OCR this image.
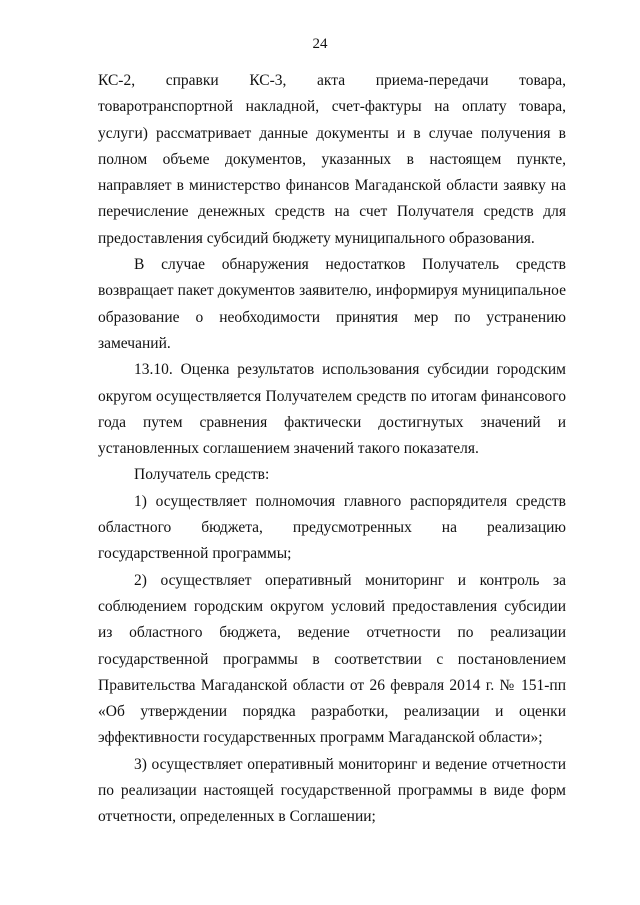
24

КС-2, справки КС-3, акта приема-передачи товара, товаротранспортной накладной, счет-фактуры на оплату товара, услуги) рассматривает данные документы и в случае получения в полном объеме документов, указанных в настоящем пункте, направляет в министерство финансов Магаданской области заявку на перечисление денежных средств на счет Получателя средств для предоставления субсидий бюджету муниципального образования.

В случае обнаружения недостатков Получатель средств возвращает пакет документов заявителю, информируя муниципальное образование о необходимости принятия мер по устранению замечаний.

13.10. Оценка результатов использования субсидии городским округом осуществляется Получателем средств по итогам финансового года путем сравнения фактически достигнутых значений и установленных соглашением значений такого показателя.

Получатель средств:

1) осуществляет полномочия главного распорядителя средств областного бюджета, предусмотренных на реализацию государственной программы;

2) осуществляет оперативный мониторинг и контроль за соблюдением городским округом условий предоставления субсидии из областного бюджета, ведение отчетности по реализации государственной программы в соответствии с постановлением Правительства Магаданской области от 26 февраля 2014 г. № 151-пп «Об утверждении порядка разработки, реализации и оценки эффективности государственных программ Магаданской области»;

3) осуществляет оперативный мониторинг и ведение отчетности по реализации настоящей государственной программы в виде форм отчетности, определенных в Соглашении;
